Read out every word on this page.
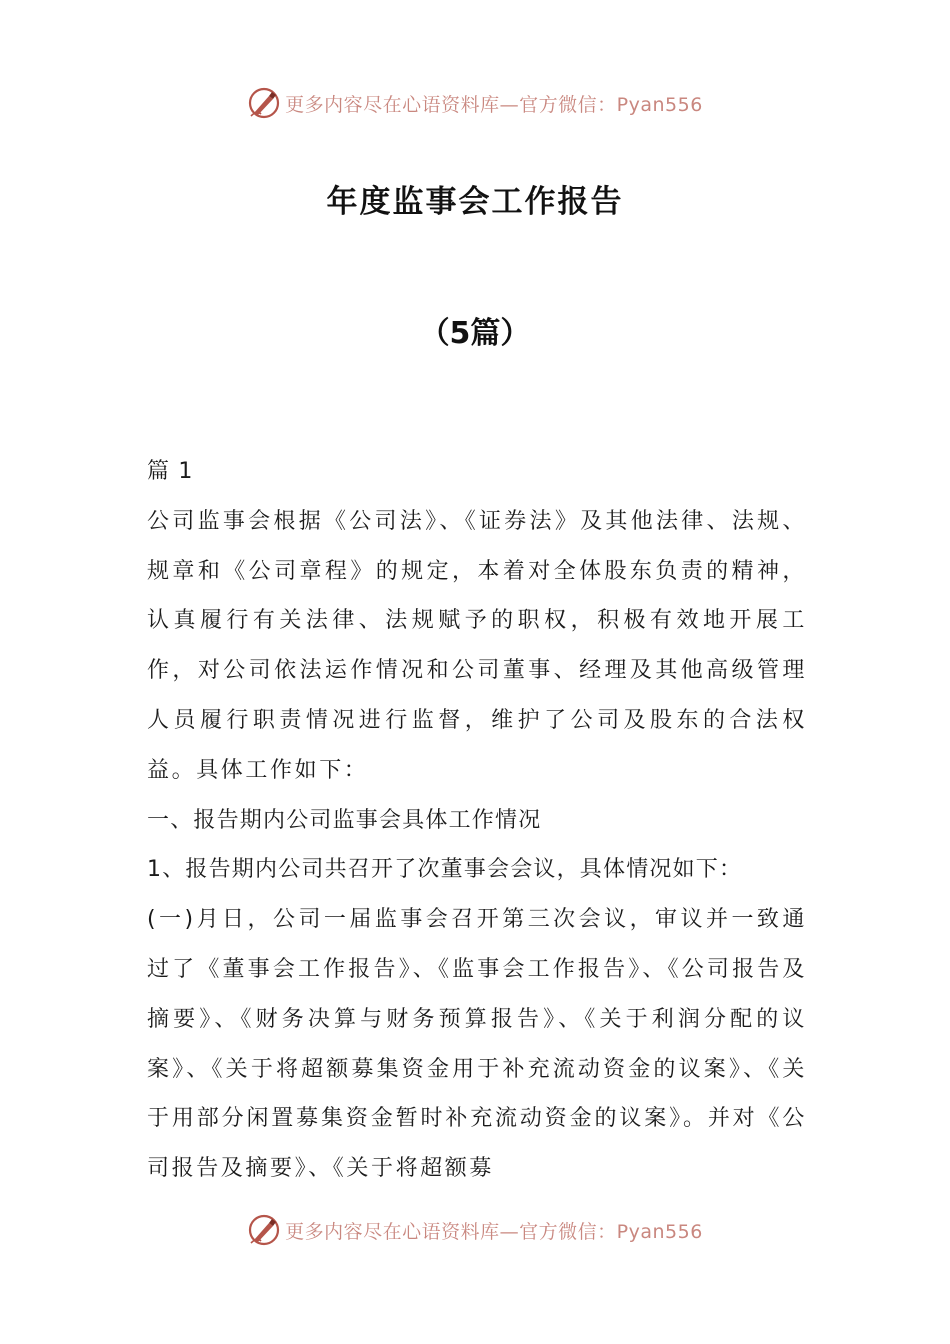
更多内容尽在心语资料库—官方微信：Pyan556
年度监事会工作报告
（5篇）

篇 1

公司监事会根据《公司法》、《证券法》及其他法律、法规、规章和《公司章程》的规定，本着对全体股东负责的精神，认真履行有关法律、法规赋予的职权，积极有效地开展工作，对公司依法运作情况和公司董事、经理及其他高级管理人员履行职责情况进行监督，维护了公司及股东的合法权益。具体工作如下：

一、报告期内公司监事会具体工作情况

1、报告期内公司共召开了次董事会会议，具体情况如下：

(一)月日，公司一届监事会召开第三次会议，审议并一致通过了《董事会工作报告》、《监事会工作报告》、《公司报告及摘要》、《财务决算与财务预算报告》、《关于利润分配的议案》、《关于将超额募集资金用于补充流动资金的议案》、《关于用部分闲置募集资金暂时补充流动资金的议案》。并对《公司报告及摘要》、《关于将超额募

更多内容尽在心语资料库—官方微信：Pyan556
